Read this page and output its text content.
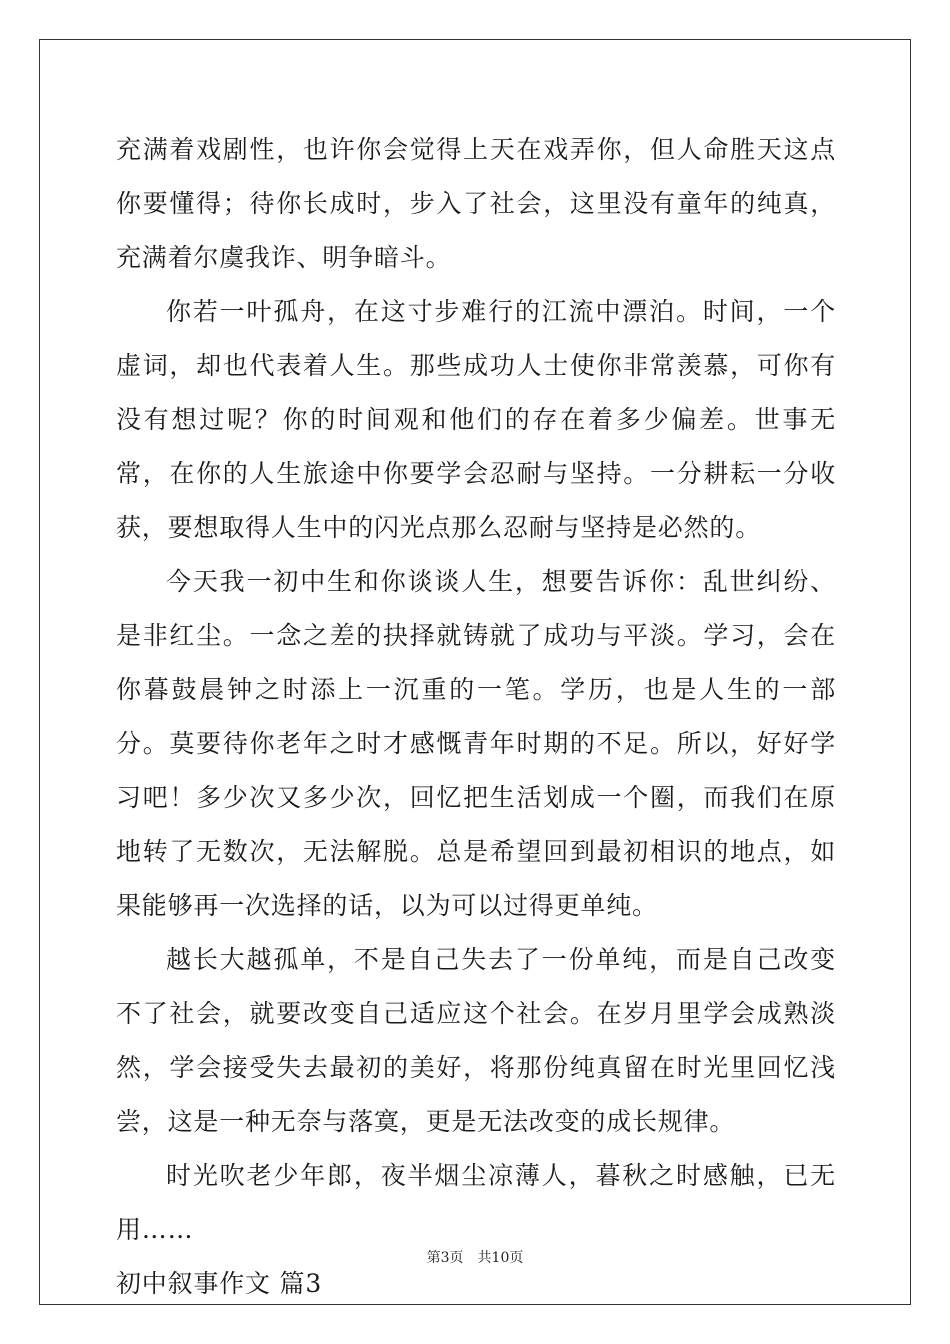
充满着戏剧性，也许你会觉得上天在戏弄你，但人命胜天这点你要懂得；待你长成时，步入了社会，这里没有童年的纯真，充满着尔虞我诈、明争暗斗。

你若一叶孤舟，在这寸步难行的江流中漂泊。时间，一个虚词，却也代表着人生。那些成功人士使你非常羡慕，可你有没有想过呢？你的时间观和他们的存在着多少偏差。世事无常，在你的人生旅途中你要学会忍耐与坚持。一分耕耘一分收获，要想取得人生中的闪光点那么忍耐与坚持是必然的。

今天我一初中生和你谈谈人生，想要告诉你：乱世纠纷、是非红尘。一念之差的抉择就铸就了成功与平淡。学习，会在你暮鼓晨钟之时添上一沉重的一笔。学历，也是人生的一部分。莫要待你老年之时才感慨青年时期的不足。所以，好好学习吧！多少次又多少次，回忆把生活划成一个圈，而我们在原地转了无数次，无法解脱。总是希望回到最初相识的地点，如果能够再一次选择的话，以为可以过得更单纯。

越长大越孤单，不是自己失去了一份单纯，而是自己改变不了社会，就要改变自己适应这个社会。在岁月里学会成熟淡然，学会接受失去最初的美好，将那份纯真留在时光里回忆浅尝，这是一种无奈与落寞，更是无法改变的成长规律。

时光吹老少年郎，夜半烟尘凉薄人，暮秋之时感触，已无用……

初中叙事作文 篇3

第3页 共10页
